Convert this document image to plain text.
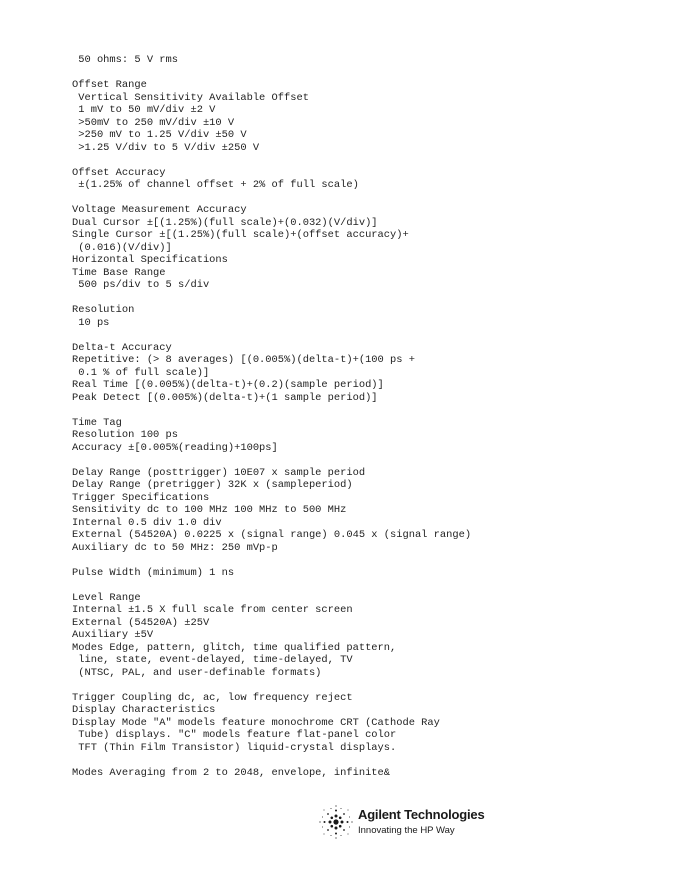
50 ohms: 5 V rms
Offset Range
Vertical Sensitivity Available Offset
1 mV to 50 mV/div ±2 V
>50mV to 250 mV/div ±10 V
>250 mV to 1.25 V/div ±50 V
>1.25 V/div to 5 V/div ±250 V
Offset Accuracy
±(1.25% of channel offset + 2% of full scale)
Voltage Measurement Accuracy
Dual Cursor ±[(1.25%)(full scale)+(0.032)(V/div)]
Single Cursor ±[(1.25%)(full scale)+(offset accuracy)+
(0.016)(V/div)]
Horizontal Specifications
Time Base Range
500 ps/div to 5 s/div
Resolution
10 ps
Delta-t Accuracy
Repetitive: (> 8 averages) [(0.005%)(delta-t)+(100 ps +
0.1 % of full scale)]
Real Time [(0.005%)(delta-t)+(0.2)(sample period)]
Peak Detect [(0.005%)(delta-t)+(1 sample period)]
Time Tag
Resolution 100 ps
Accuracy ±[0.005%(reading)+100ps]
Delay Range (posttrigger) 10E07 x sample period
Delay Range (pretrigger) 32K x (sampleperiod)
Trigger Specifications
Sensitivity dc to 100 MHz 100 MHz to 500 MHz
Internal 0.5 div 1.0 div
External (54520A) 0.0225 x (signal range) 0.045 x (signal range)
Auxiliary dc to 50 MHz: 250 mVp-p
Pulse Width (minimum) 1 ns
Level Range
Internal ±1.5 X full scale from center screen
External (54520A) ±25V
Auxiliary ±5V
Modes Edge, pattern, glitch, time qualified pattern,
line, state, event-delayed, time-delayed, TV
(NTSC, PAL, and user-definable formats)
Trigger Coupling dc, ac, low frequency reject
Display Characteristics
Display Mode "A" models feature monochrome CRT (Cathode Ray
Tube) displays. "C" models feature flat-panel color
TFT (Thin Film Transistor) liquid-crystal displays.
Modes Averaging from 2 to 2048, envelope, infinite&
Agilent Technologies
Innovating the HP Way
